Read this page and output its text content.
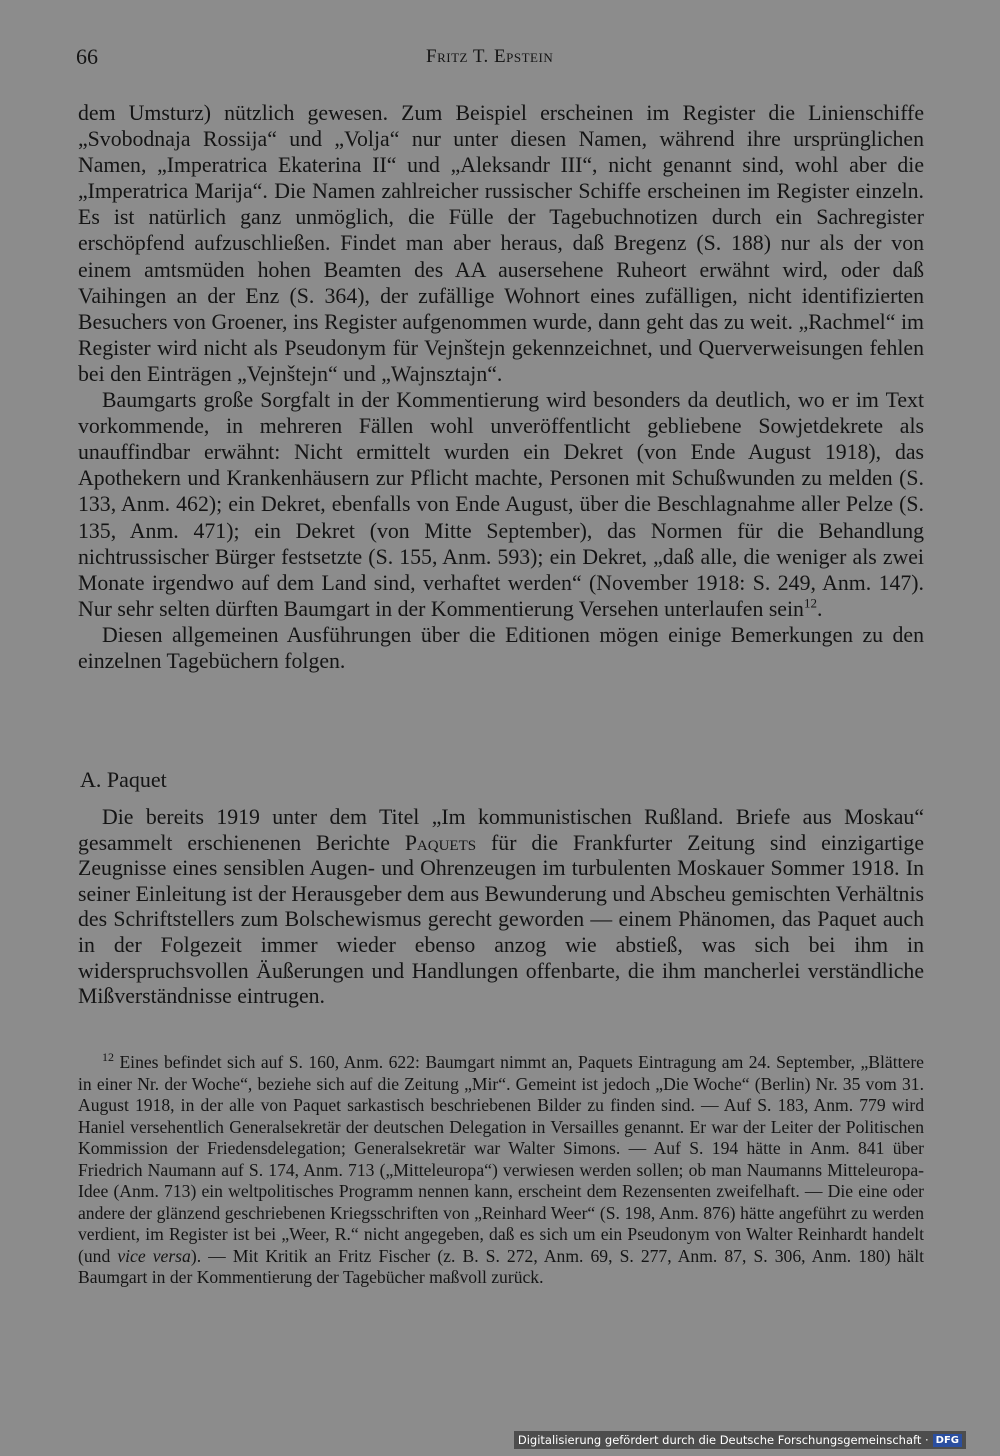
66	Fritz T. Epstein

dem Umsturz) nützlich gewesen. Zum Beispiel erscheinen im Register die Linienschiffe „Svobodnaja Rossija“ und „Volja“ nur unter diesen Namen, während ihre ursprünglichen Namen, „Imperatrica Ekaterina II“ und „Aleksandr III“, nicht genannt sind, wohl aber die „Imperatrica Marija“. Die Namen zahlreicher russischer Schiffe erscheinen im Register einzeln. Es ist natürlich ganz unmöglich, die Fülle der Tagebuchnotizen durch ein Sachregister erschöpfend aufzuschließen. Findet man aber heraus, daß Bregenz (S. 188) nur als der von einem amtsmüden hohen Beamten des AA ausersehene Ruheort erwähnt wird, oder daß Vaihingen an der Enz (S. 364), der zufällige Wohnort eines zufälligen, nicht identifizierten Besuchers von Groener, ins Register aufgenommen wurde, dann geht das zu weit. „Rachmel“ im Register wird nicht als Pseudonym für Vejnštejn gekennzeichnet, und Querverweisungen fehlen bei den Einträgen „Vejnštejn“ und „Wajnsztajn“.

Baumgarts große Sorgfalt in der Kommentierung wird besonders da deutlich, wo er im Text vorkommende, in mehreren Fällen wohl unveröffentlicht gebliebene Sowjetdekrete als unauffindbar erwähnt: Nicht ermittelt wurden ein Dekret (von Ende August 1918), das Apothekern und Krankenhäusern zur Pflicht machte, Personen mit Schußwunden zu melden (S. 133, Anm. 462); ein Dekret, ebenfalls von Ende August, über die Beschlagnahme aller Pelze (S. 135, Anm. 471); ein Dekret (von Mitte September), das Normen für die Behandlung nichtrussischer Bürger festsetzte (S. 155, Anm. 593); ein Dekret, „daß alle, die weniger als zwei Monate irgendwo auf dem Land sind, verhaftet werden“ (November 1918: S. 249, Anm. 147). Nur sehr selten dürften Baumgart in der Kommentierung Versehen unterlaufen sein$^{12}$.

Diesen allgemeinen Ausführungen über die Editionen mögen einige Bemerkungen zu den einzelnen Tagebüchern folgen.

A. Paquet
Die bereits 1919 unter dem Titel „Im kommunistischen Rußland. Briefe aus Moskau“ gesammelt erschienenen Berichte Paquets für die Frankfurter Zeitung sind einzigartige Zeugnisse eines sensiblen Augen- und Ohrenzeugen im turbulenten Moskauer Sommer 1918. In seiner Einleitung ist der Herausgeber dem aus Bewunderung und Abscheu gemischten Verhältnis des Schriftstellers zum Bolschewismus gerecht geworden — einem Phänomen, das Paquet auch in der Folgezeit immer wieder ebenso anzog wie abstieß, was sich bei ihm in widerspruchsvollen Äußerungen und Handlungen offenbarte, die ihm mancherlei verständliche Mißverständnisse eintrugen.
$^{12}$ Eines befindet sich auf S. 160, Anm. 622: Baumgart nimmt an, Paquets Eintragung am 24. September, „Blättere in einer Nr. der Woche“, beziehe sich auf die Zeitung „Mir“. Gemeint ist jedoch „Die Woche“ (Berlin) Nr. 35 vom 31. August 1918, in der alle von Paquet sarkastisch beschriebenen Bilder zu finden sind. — Auf S. 183, Anm. 779 wird Haniel versehentlich Generalsekretär der deutschen Delegation in Versailles genannt. Er war der Leiter der Politischen Kommission der Friedensdelegation; Generalsekretär war Walter Simons. — Auf S. 194 hätte in Anm. 841 über Friedrich Naumann auf S. 174, Anm. 713 („Mitteleuropa“) verwiesen werden sollen; ob man Naumanns Mitteleuropa-Idee (Anm. 713) ein weltpolitisches Programm nennen kann, erscheint dem Rezensenten zweifelhaft. — Die eine oder andere der glänzend geschriebenen Kriegsschriften von „Reinhard Weer“ (S. 198, Anm. 876) hätte angeführt zu werden verdient, im Register ist bei „Weer, R.“ nicht angegeben, daß es sich um ein Pseudonym von Walter Reinhardt handelt (und vice versa). — Mit Kritik an Fritz Fischer (z. B. S. 272, Anm. 69, S. 277, Anm. 87, S. 306, Anm. 180) hält Baumgart in der Kommentierung der Tagebücher maßvoll zurück.
Digitalisierung gefördert durch die Deutsche Forschungsgemeinschaft · DFG
